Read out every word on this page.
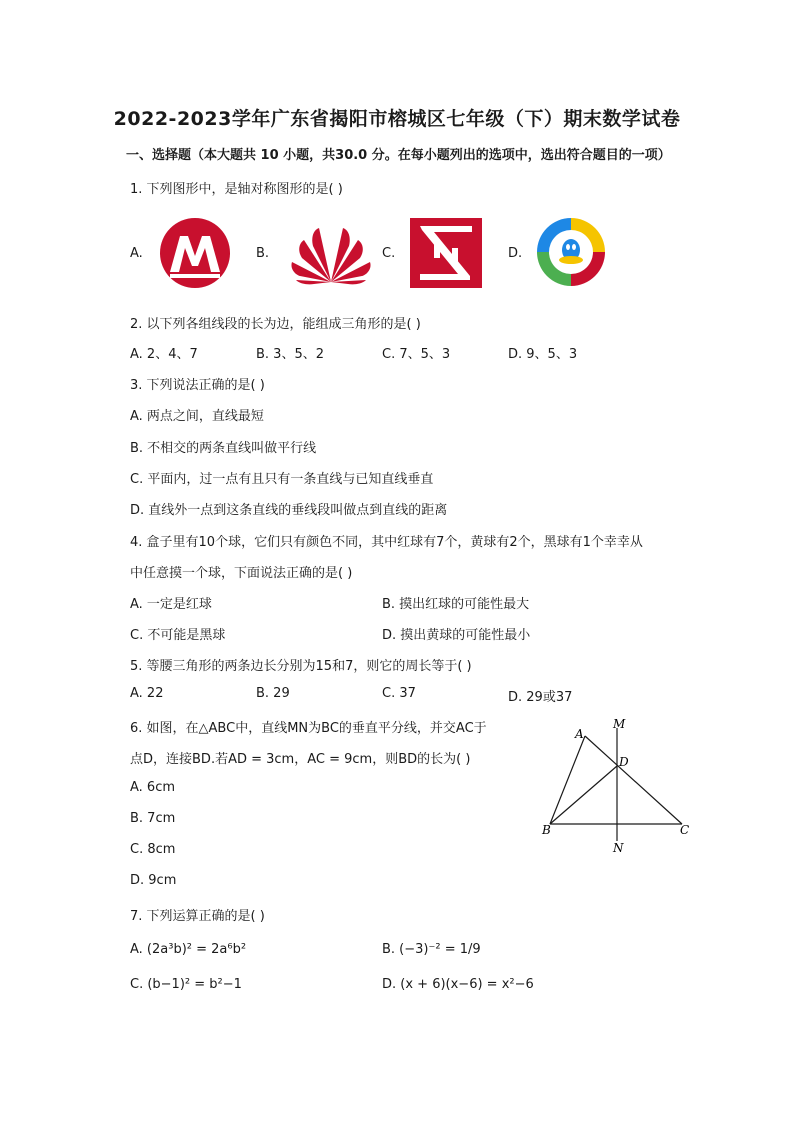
2022-2023学年广东省揭阳市榕城区七年级（下）期末数学试卷
一、选择题（本大题共 10 小题，共30.0 分。在每小题列出的选项中，选出符合题目的一项）
1. 下列图形中，是轴对称图形的是( )
A.	B.	C.	D.
2. 以下列各组线段的长为边，能组成三角形的是( )
A. 2、4、7	B. 3、5、2	C. 7、5、3	D. 9、5、3
3. 下列说法正确的是( )
A. 两点之间，直线最短
B. 不相交的两条直线叫做平行线
C. 平面内，过一点有且只有一条直线与已知直线垂直
D. 直线外一点到这条直线的垂线段叫做点到直线的距离
4. 盒子里有10个球，它们只有颜色不同，其中红球有7个，黄球有2个，黑球有1个幸幸从
中任意摸一个球，下面说法正确的是( )
A. 一定是红球	B. 摸出红球的可能性最大
C. 不可能是黑球	D. 摸出黄球的可能性最小
5. 等腰三角形的两条边长分别为15和7，则它的周长等于( )
A. 22	B. 29	C. 37	D. 29或37
6. 如图，在△ABC中，直线MN为BC的垂直平分线，并交AC于
点D，连接BD.若AD = 3cm，AC = 9cm，则BD的长为( )
A. 6cm
B. 7cm
C. 8cm
D. 9cm
A
M
D
B	C
N
7. 下列运算正确的是( )
A. (2a³b)² = 2a⁶b²	B. (−3)⁻² = 1/9
C. (b−1)² = b²−1	D. (x + 6)(x−6) = x²−6
